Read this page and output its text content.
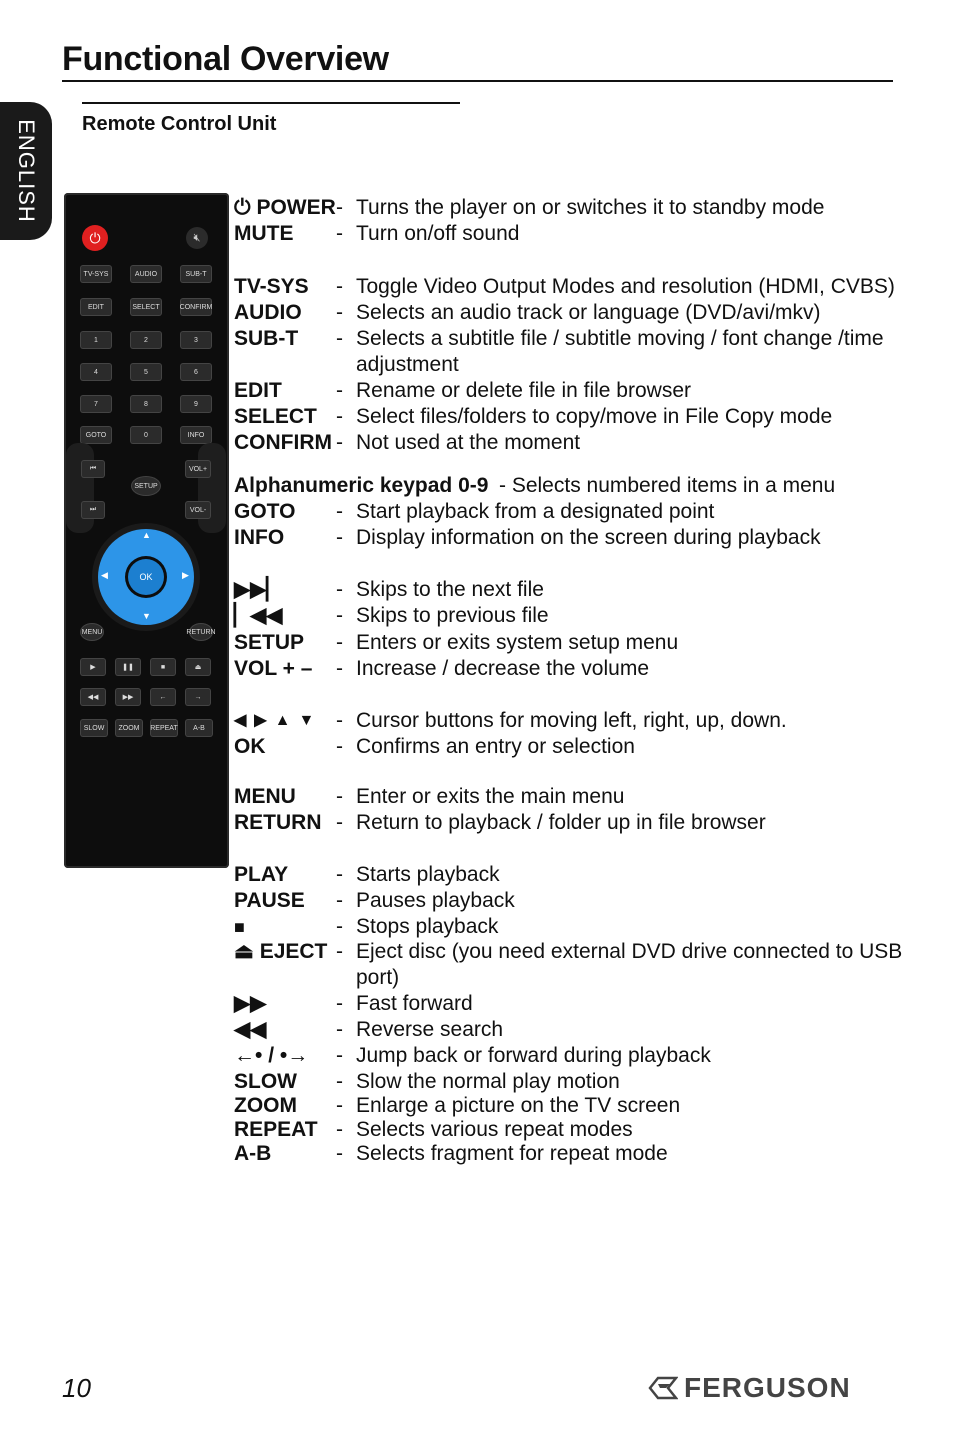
Functional Overview
ENGLISH Remote Control Unit
⏻	🔇︎
TV-SYS	AUDIO	SUB-T
EDIT	SELECT	CONFIRM
1	2	3
4	5	6
7	8	9
GOTO	0	INFO
⏮
⏭
SETUP
VOL+
VOL-
▲
▼
◀	▶
OK
MENU	RETURN
▶	❚❚	■	⏏
◀◀	▶▶	←	→
SLOW	ZOOM	REPEAT	A-B
⏻ POWER - Turns the player on or switches it to standby mode
MUTE - Turn on/off sound
TV-SYS - Toggle Video Output Modes and resolution (HDMI, CVBS)
AUDIO - Selects an audio track or language (DVD/avi/mkv)
SUB-T - Selects a subtitle file / subtitle moving / font change /time
adjustment
EDIT	- Rename or delete file in file browser
SELECT - Select files/folders to copy/move in File Copy mode
CONFIRM - Not used at the moment
Alphanumeric keypad 0-9 - Selects numbered items in a menu
GOTO - Start playback from a designated point
INFO - Display information on the screen during playback
▶▶▏	- Skips to the next file
▏◀◀	- Skips to previous file
SETUP - Enters or exits system setup menu
VOL + – - Increase / decrease the volume
◀ ▶ ▲ ▼ - Cursor buttons for moving left, right, up, down.
OK	- Confirms an entry or selection
MENU - Enter or exits the main menu
RETURN - Return to playback / folder up in file browser
PLAY - Starts playback
PAUSE - Pauses playback
■	- Stops playback
⏏ EJECT - Eject disc (you need external DVD drive connected to USB
port)
▶▶	- Fast forward
◀◀	- Reverse search
←• / •→ - Jump back or forward during playback
SLOW - Slow the normal play motion
ZOOM - Enlarge a picture on the TV screen
REPEAT - Selects various repeat modes
A-B	- Selects fragment for repeat mode
10	FERGUSON
